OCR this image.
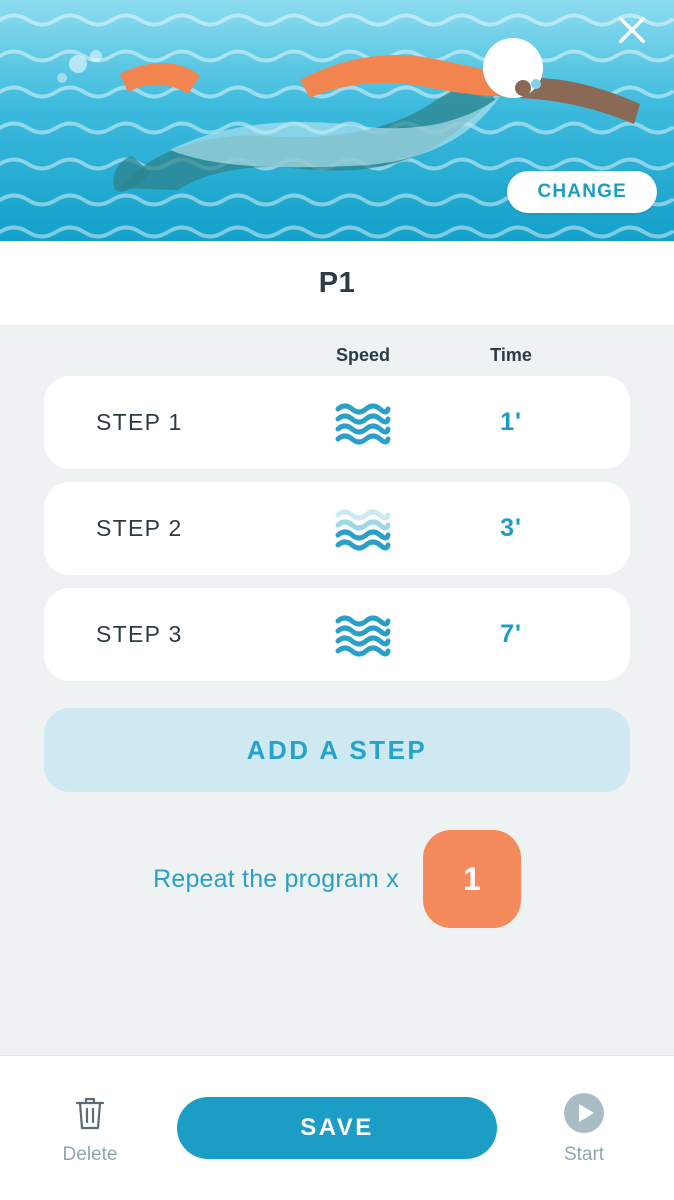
CHANGE
P1
Speed	Time
STEP 1	1'
STEP 2	3'
STEP 3	7'
ADD A STEP
Repeat the program x	1
Delete
SAVE
Start
